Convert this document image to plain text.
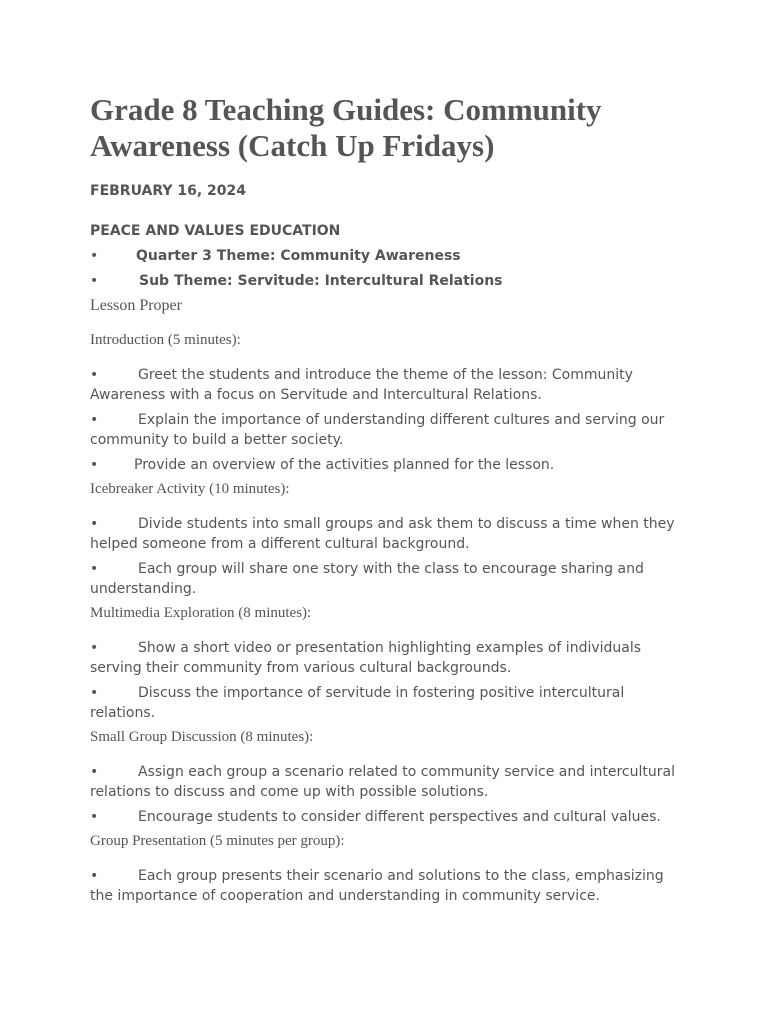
Grade 8 Teaching Guides: Community Awareness (Catch Up Fridays)
FEBRUARY 16, 2024
PEACE AND VALUES EDUCATION
•	Quarter 3 Theme: Community Awareness
•	Sub Theme: Servitude: Intercultural Relations
Lesson Proper
Introduction (5 minutes):
•	Greet the students and introduce the theme of the lesson: Community Awareness with a focus on Servitude and Intercultural Relations.
•	Explain the importance of understanding different cultures and serving our community to build a better society.
•	Provide an overview of the activities planned for the lesson.
Icebreaker Activity (10 minutes):
•	Divide students into small groups and ask them to discuss a time when they helped someone from a different cultural background.
•	Each group will share one story with the class to encourage sharing and understanding.
Multimedia Exploration (8 minutes):
•	Show a short video or presentation highlighting examples of individuals serving their community from various cultural backgrounds.
•	Discuss the importance of servitude in fostering positive intercultural relations.
Small Group Discussion (8 minutes):
•	Assign each group a scenario related to community service and intercultural relations to discuss and come up with possible solutions.
•	Encourage students to consider different perspectives and cultural values.
Group Presentation (5 minutes per group):
•	Each group presents their scenario and solutions to the class, emphasizing the importance of cooperation and understanding in community service.
